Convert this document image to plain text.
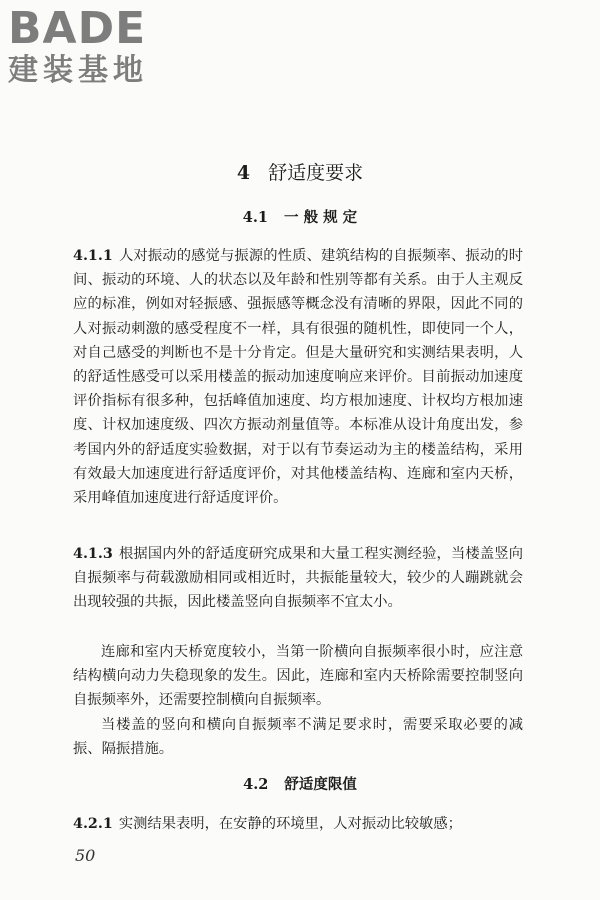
BADE
建装基地
4 舒适度要求
4.1 一 般 规 定

4.1.1 人对振动的感觉与振源的性质、建筑结构的自振频率、振动的时间、振动的环境、人的状态以及年龄和性别等都有关系。由于人主观反应的标准，例如对轻振感、强振感等概念没有清晰的界限，因此不同的人对振动刺激的感受程度不一样，具有很强的随机性，即使同一个人，对自己感受的判断也不是十分肯定。但是大量研究和实测结果表明，人的舒适性感受可以采用楼盖的振动加速度响应来评价。目前振动加速度评价指标有很多种，包括峰值加速度、均方根加速度、计权均方根加速度、计权加速度级、四次方振动剂量值等。本标准从设计角度出发，参考国内外的舒适度实验数据，对于以有节奏运动为主的楼盖结构，采用有效最大加速度进行舒适度评价，对其他楼盖结构、连廊和室内天桥，采用峰值加速度进行舒适度评价。

4.1.3 根据国内外的舒适度研究成果和大量工程实测经验，当楼盖竖向自振频率与荷载激励相同或相近时，共振能量较大，较少的人蹦跳就会出现较强的共振，因此楼盖竖向自振频率不宜太小。

连廊和室内天桥宽度较小，当第一阶横向自振频率很小时，应注意结构横向动力失稳现象的发生。因此，连廊和室内天桥除需要控制竖向自振频率外，还需要控制横向自振频率。

当楼盖的竖向和横向自振频率不满足要求时，需要采取必要的减振、隔振措施。

4.2 舒适度限值

4.2.1 实测结果表明，在安静的环境里，人对振动比较敏感；

50
